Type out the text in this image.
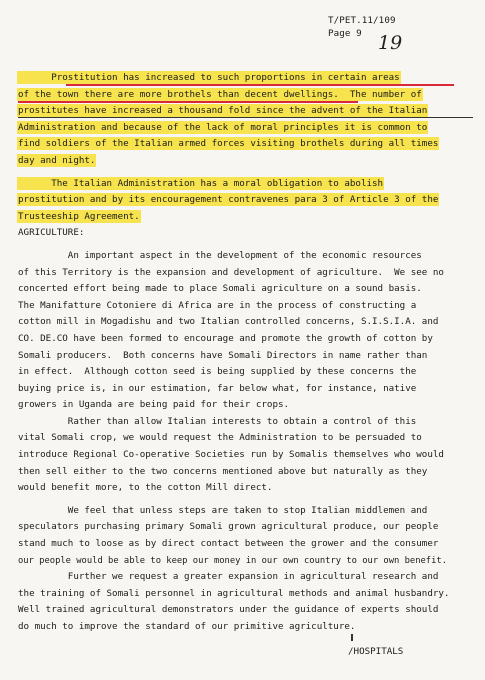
T/PET.11/109
Page 9 19
Prostitution has increased to such proportions in certain areas
of the town there are more brothels than decent dwellings.  The number of
prostitutes have increased a thousand fold since the advent of the Italian
Administration and because of the lack of moral principles it is common to
find soldiers of the Italian armed forces visiting brothels during all times
day and night.
The Italian Administration has a moral obligation to abolish
prostitution and by its encouragement contravenes para 3 of Article 3 of the
Trusteeship Agreement.
AGRICULTURE:
An important aspect in the development of the economic resources
of this Territory is the expansion and development of agriculture.  We see no
concerted effort being made to place Somali agriculture on a sound basis.
The Manifatture Cotoniere di Africa are in the process of constructing a
cotton mill in Mogadishu and two Italian controlled concerns, S.I.S.I.A. and
CO. DE.CO have been formed to encourage and promote the growth of cotton by
Somali producers.  Both concerns have Somali Directors in name rather than
in effect.  Although cotton seed is being supplied by these concerns the
buying price is, in our estimation, far below what, for instance, native
growers in Uganda are being paid for their crops.
Rather than allow Italian interests to obtain a control of this
vital Somali crop, we would request the Administration to be persuaded to
introduce Regional Co-operative Societies run by Somalis themselves who would
then sell either to the two concerns mentioned above but naturally as they
would benefit more, to the cotton Mill direct.
We feel that unless steps are taken to stop Italian middlemen and
speculators purchasing primary Somali grown agricultural produce, our people
stand much to loose as by direct contact between the grower and the consumer
our people would be able to keep our money in our own country to our own benefit.
Further we request a greater expansion in agricultural research and
the training of Somali personnel in agricultural methods and animal husbandry.
Well trained agricultural demonstrators under the guidance of experts should
do much to improve the standard of our primitive agriculture.
/HOSPITALS
